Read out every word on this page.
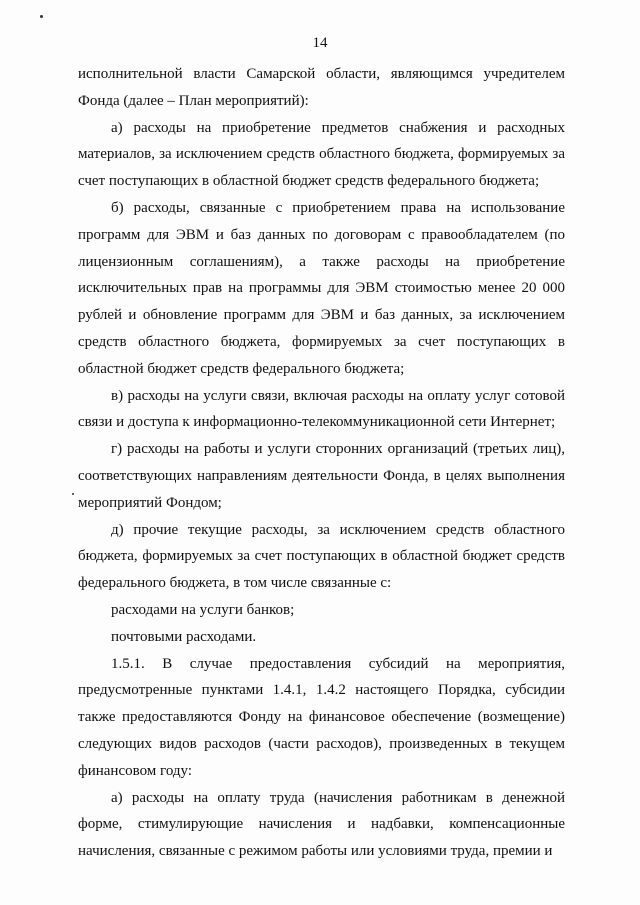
14

исполнительной власти Самарской области, являющимся учредителем Фонда (далее – План мероприятий):

а) расходы на приобретение предметов снабжения и расходных материалов, за исключением средств областного бюджета, формируемых за счет поступающих в областной бюджет средств федерального бюджета;

б) расходы, связанные с приобретением права на использование программ для ЭВМ и баз данных по договорам с правообладателем (по лицензионным соглашениям), а также расходы на приобретение исключительных прав на программы для ЭВМ стоимостью менее 20 000 рублей и обновление программ для ЭВМ и баз данных, за исключением средств областного бюджета, формируемых за счет поступающих в областной бюджет средств федерального бюджета;

в) расходы на услуги связи, включая расходы на оплату услуг сотовой связи и доступа к информационно-телекоммуникационной сети Интернет;

г) расходы на работы и услуги сторонних организаций (третьих лиц), соответствующих направлениям деятельности Фонда, в целях выполнения мероприятий Фондом;

д) прочие текущие расходы, за исключением средств областного бюджета, формируемых за счет поступающих в областной бюджет средств федерального бюджета, в том числе связанные с:

расходами на услуги банков;

почтовыми расходами.

1.5.1. В случае предоставления субсидий на мероприятия, предусмотренные пунктами 1.4.1, 1.4.2 настоящего Порядка, субсидии также предоставляются Фонду на финансовое обеспечение (возмещение) следующих видов расходов (части расходов), произведенных в текущем финансовом году:

а) расходы на оплату труда (начисления работникам в денежной форме, стимулирующие начисления и надбавки, компенсационные начисления, связанные с режимом работы или условиями труда, премии и
